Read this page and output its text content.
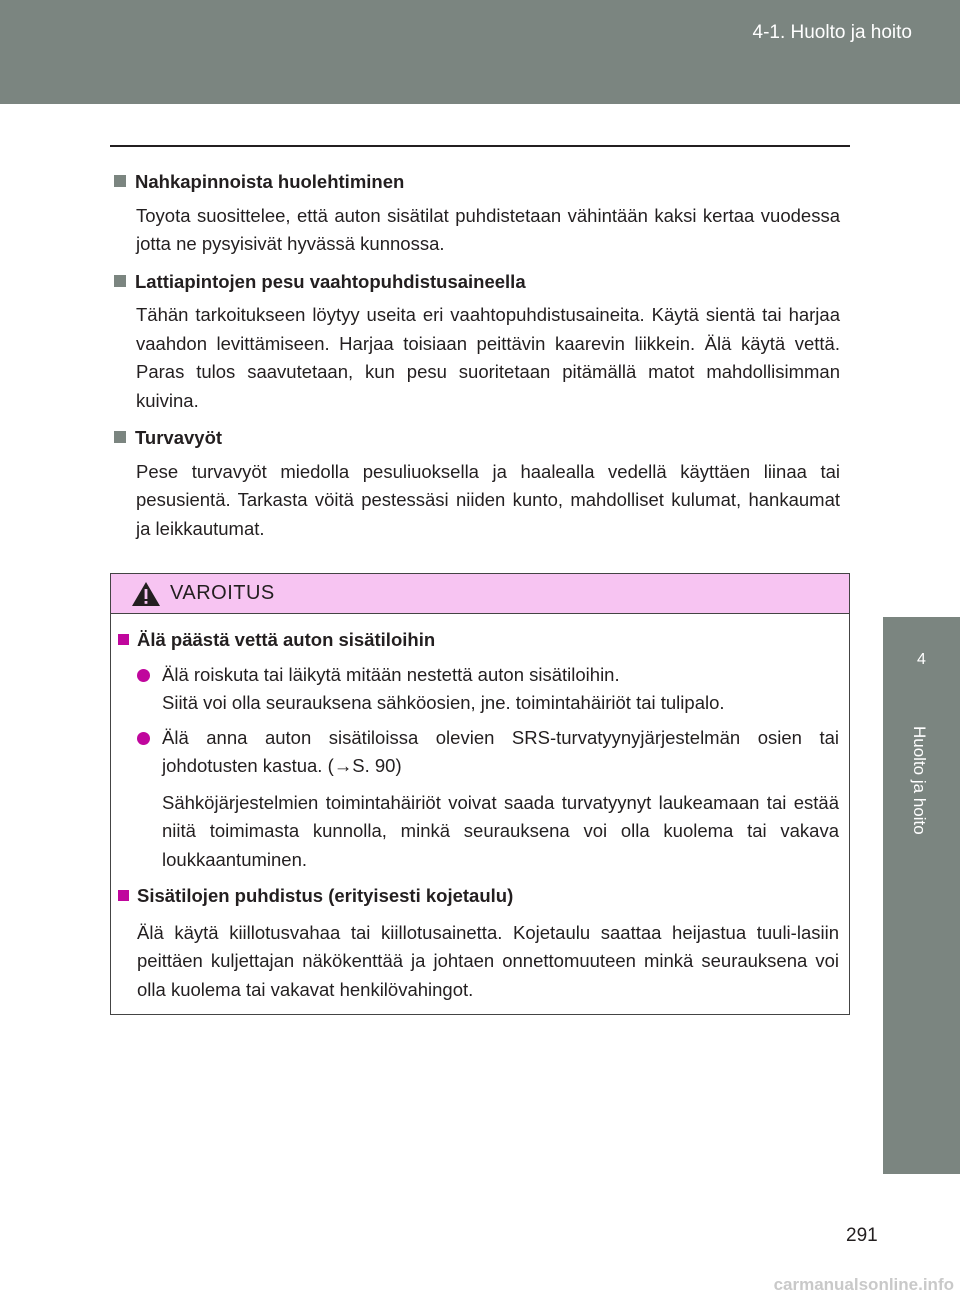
4-1. Huolto ja hoito
4
Huolto ja hoito

Nahkapinnoista huolehtiminen

Toyota suosittelee, että auton sisätilat puhdistetaan vähintään kaksi kertaa vuodessa jotta ne pysyisivät hyvässä kunnossa.

Lattiapintojen pesu vaahtopuhdistusaineella

Tähän tarkoitukseen löytyy useita eri vaahtopuhdistusaineita. Käytä sientä tai harjaa vaahdon levittämiseen. Harjaa toisiaan peittävin kaarevin liikkein. Älä käytä vettä. Paras tulos saavutetaan, kun pesu suoritetaan pitämällä matot mahdollisimman kuivina.

Turvavyöt

Pese turvavyöt miedolla pesuliuoksella ja haalealla vedellä käyttäen liinaa tai pesusientä. Tarkasta vöitä pestessäsi niiden kunto, mahdolliset kulumat, hankaumat ja leikkautumat.

VAROITUS

Älä päästä vettä auton sisätiloihin

Älä roiskuta tai läikytä mitään nestettä auton sisätiloihin.
Siitä voi olla seurauksena sähköosien, jne. toimintahäiriöt tai tulipalo.
Älä anna auton sisätiloissa olevien SRS-turvatyynyjärjestelmän osien tai johdotusten kastua. (→S. 90)

Sähköjärjestelmien toimintahäiriöt voivat saada turvatyynyt laukeamaan tai estää niitä toimimasta kunnolla, minkä seurauksena voi olla kuolema tai vakava loukkaantuminen.

Sisätilojen puhdistus (erityisesti kojetaulu)

Älä käytä kiillotusvahaa tai kiillotusainetta. Kojetaulu saattaa heijastua tuuli-lasiin peittäen kuljettajan näkökenttää ja johtaen onnettomuuteen minkä seurauksena voi olla kuolema tai vakavat henkilövahingot.

291
carmanualsonline.info
